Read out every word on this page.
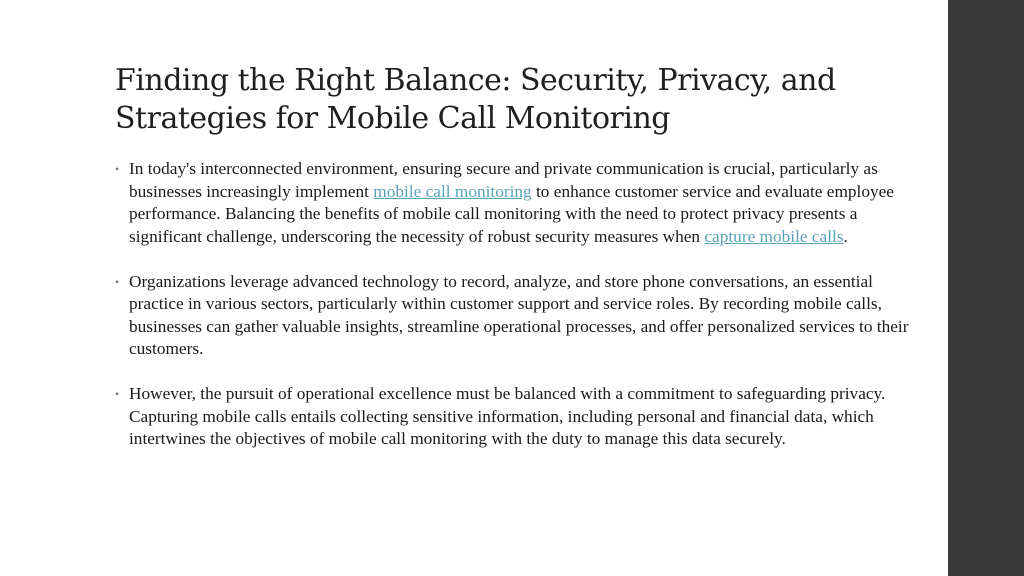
Finding the Right Balance: Security, Privacy, and Strategies for Mobile Call Monitoring
• In today's interconnected environment, ensuring secure and private communication is crucial, particularly as businesses increasingly implement mobile call monitoring to enhance customer service and evaluate employee performance. Balancing the benefits of mobile call monitoring with the need to protect privacy presents a significant challenge, underscoring the necessity of robust security measures when capture mobile calls.
• Organizations leverage advanced technology to record, analyze, and store phone conversations, an essential practice in various sectors, particularly within customer support and service roles. By recording mobile calls, businesses can gather valuable insights, streamline operational processes, and offer personalized services to their customers.
• However, the pursuit of operational excellence must be balanced with a commitment to safeguarding privacy. Capturing mobile calls entails collecting sensitive information, including personal and financial data, which intertwines the objectives of mobile call monitoring with the duty to manage this data securely.
